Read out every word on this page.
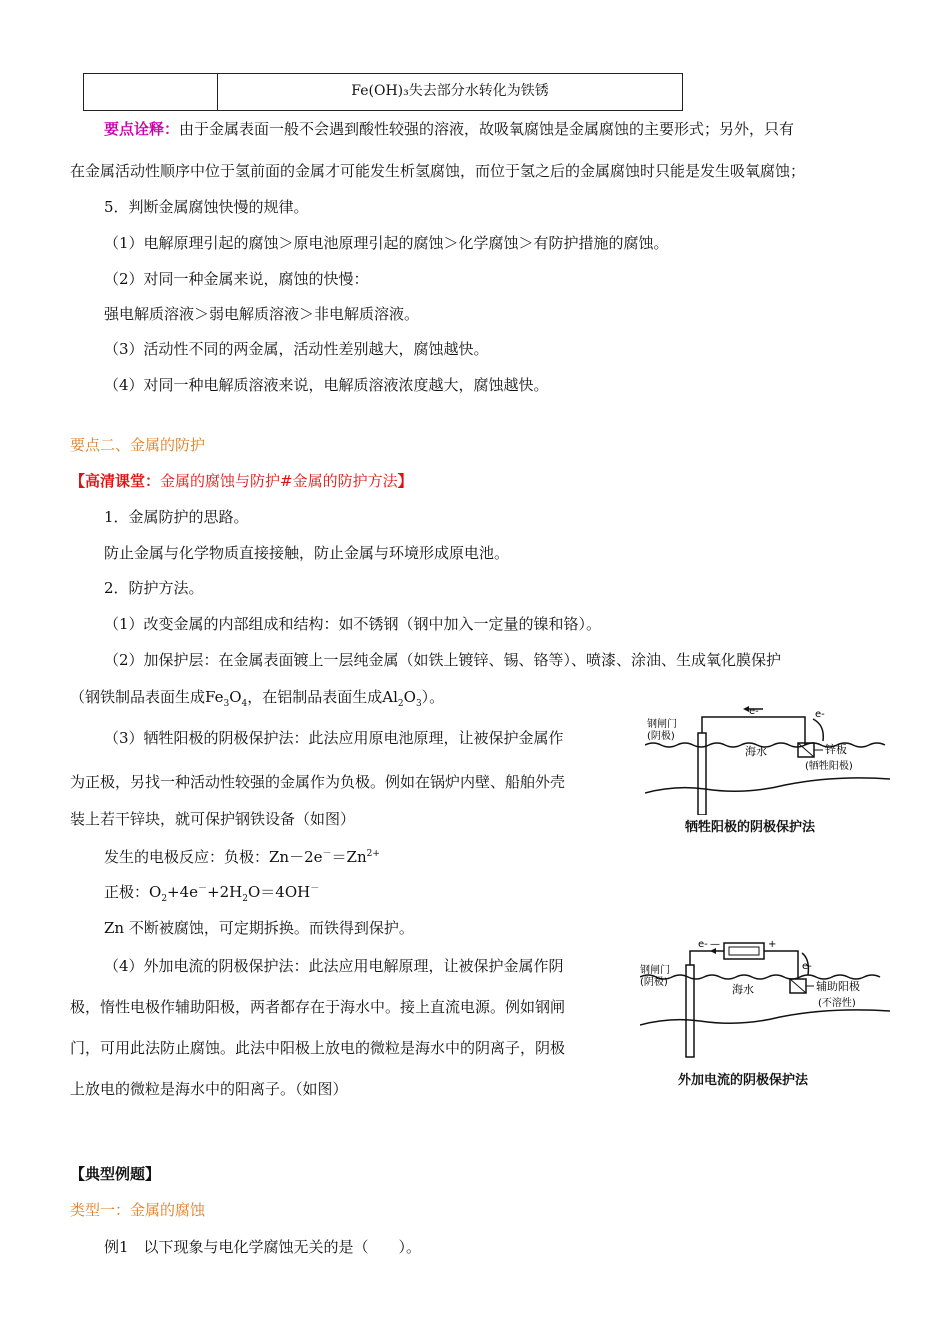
Fe(OH)₃失去部分水转化为铁锈
要点诠释：由于金属表面一般不会遇到酸性较强的溶液，故吸氧腐蚀是金属腐蚀的主要形式；另外，只有
在金属活动性顺序中位于氢前面的金属才可能发生析氢腐蚀，而位于氢之后的金属腐蚀时只能是发生吸氧腐蚀；
5．判断金属腐蚀快慢的规律。
（1）电解原理引起的腐蚀＞原电池原理引起的腐蚀＞化学腐蚀＞有防护措施的腐蚀。
（2）对同一种金属来说，腐蚀的快慢：
强电解质溶液＞弱电解质溶液＞非电解质溶液。
（3）活动性不同的两金属，活动性差别越大，腐蚀越快。
（4）对同一种电解质溶液来说，电解质溶液浓度越大，腐蚀越快。
要点二、金属的防护
【高清课堂：金属的腐蚀与防护#金属的防护方法】
1．金属防护的思路。
防止金属与化学物质直接接触，防止金属与环境形成原电池。
2．防护方法。
（1）改变金属的内部组成和结构：如不锈钢（钢中加入一定量的镍和铬）。
（2）加保护层：在金属表面镀上一层纯金属（如铁上镀锌、锡、铬等）、喷漆、涂油、生成氧化膜保护
（钢铁制品表面生成$Fe_3O_4$，在铝制品表面生成$Al_2O_3$）。
（3）牺牲阳极的阴极保护法：此法应用原电池原理，让被保护金属作
为正极，另找一种活动性较强的金属作为负极。例如在锅炉内壁、船舶外壳
装上若干锌块，就可保护钢铁设备（如图）
发生的电极反应：负极：$Zn-2e^-=Zn^{2+}$
正极：$O_2+4e^-+2H_2O=4OH^-$
Zn 不断被腐蚀，可定期拆换。而铁得到保护。
（4）外加电流的阴极保护法：此法应用电解原理，让被保护金属作阴
极，惰性电极作辅助阳极，两者都存在于海水中。接上直流电源。例如钢闸
门，可用此法防止腐蚀。此法中阳极上放电的微粒是海水中的阴离子，阴极
上放电的微粒是海水中的阳离子。（如图）
e-	e-
钢闸门
(阴极)
海水	锌板
(牺牲阳极)
牺牲阳极的阴极保护法
e- —	+
e-
钢闸门
(阴极)
海水	辅助阳极
(不溶性)
外加电流的阴极保护法
【典型例题】
类型一：金属的腐蚀
例1　以下现象与电化学腐蚀无关的是（　　）。
